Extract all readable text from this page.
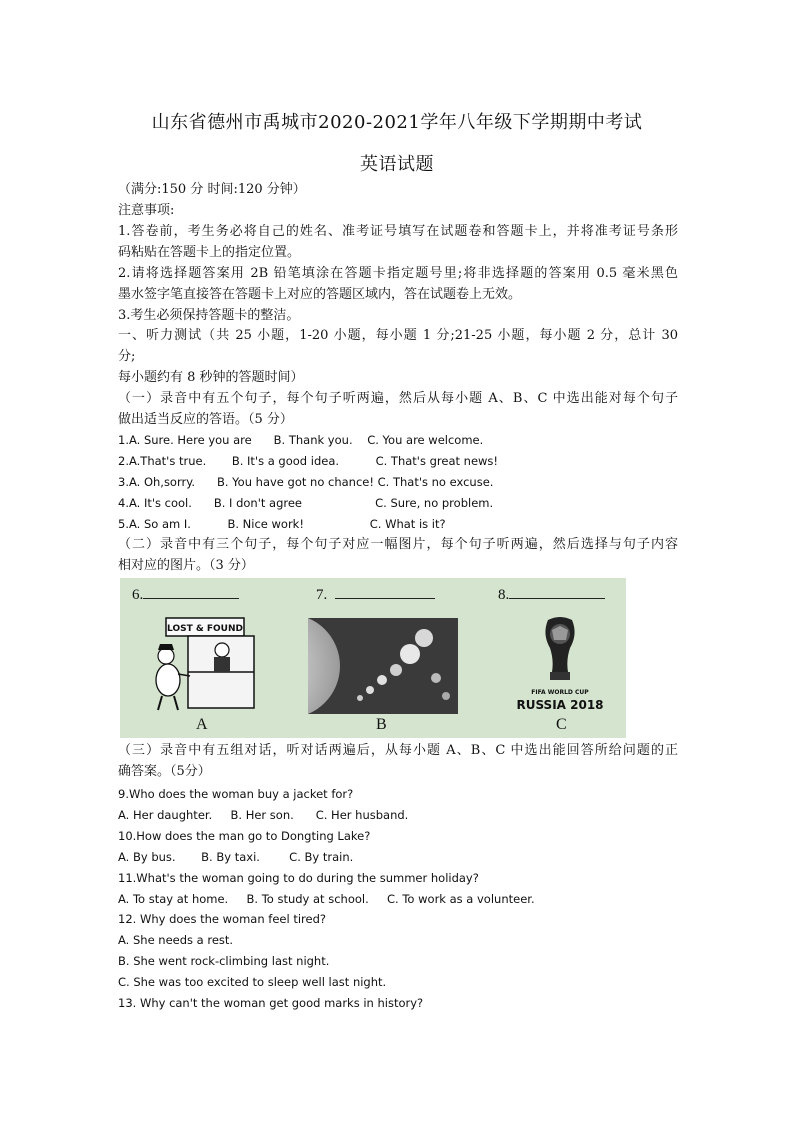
山东省德州市禹城市2020-2021学年八年级下学期期中考试
英语试题
（满分:150 分 时间:120 分钟）
注意事项:
1.答卷前，考生务必将自己的姓名、准考证号填写在试题卷和答题卡上，并将准考证号条形
码粘贴在答题卡上的指定位置。
2.请将选择题答案用 2B 铅笔填涂在答题卡指定题号里;将非选择题的答案用 0.5 毫米黑色
墨水签字笔直接答在答题卡上对应的答题区域内，答在试题卷上无效。
3.考生必须保持答题卡的整洁。
一、听力测试（共 25 小题，1-20 小题，每小题 1 分;21-25 小题，每小题 2 分，总计 30
分;
每小题约有 8 秒钟的答题时间）
（一）录音中有五个句子，每个句子听两遍，然后从每小题 A、B、C 中选出能对每个句子
做出适当反应的答语。（5 分）
1.A. Sure. Here you are      B. Thank you.    C. You are welcome.
2.A.That's true.       B. It's a good idea.          C. That's great news!
3.A. Oh,sorry.      B. You have got no chance! C. That's no excuse.
4.A. It's cool.      B. I don't agree                    C. Sure, no problem.
5.A. So am I.          B. Nice work!                  C. What is it?
（二）录音中有三个句子，每个句子对应一幅图片，每个句子听两遍，然后选择与句子内容
相对应的图片。（3 分）
6.	7.	8.
LOST & FOUND
FIFA WORLD CUP
RUSSIA 2018
A	B	C
（三）录音中有五组对话，听对话两遍后，从每小题 A、B、C 中选出能回答所给问题的正
确答案。（5分）
9.Who does the woman buy a jacket for?
A. Her daughter.     B. Her son.      C. Her husband.
10.How does the man go to Dongting Lake?
A. By bus.       B. By taxi.        C. By train.
11.What's the woman going to do during the summer holiday?
A. To stay at home.     B. To study at school.     C. To work as a volunteer.
12. Why does the woman feel tired?
A. She needs a rest.
B. She went rock-climbing last night.
C. She was too excited to sleep well last night.
13. Why can't the woman get good marks in history?
